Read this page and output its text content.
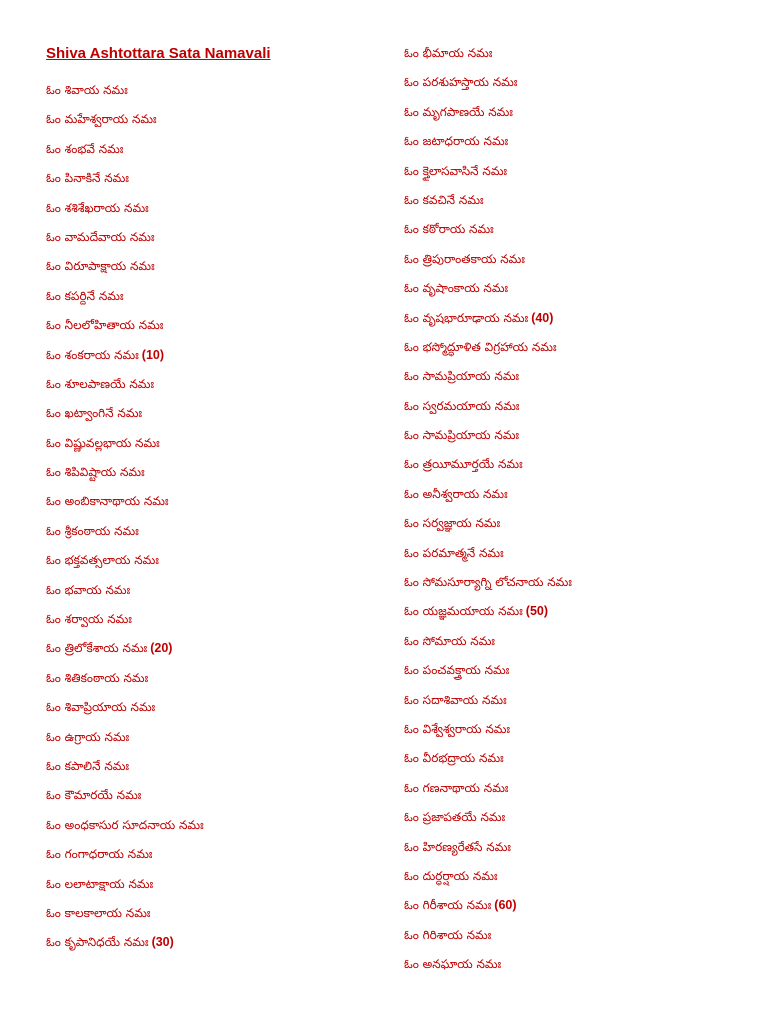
Shiva Ashtottara Sata Namavali
ఓం శివాయ నమః
ఓం మహేశ్వరాయ నమః
ఓం శంభవే నమః
ఓం పినాకినే నమః
ఓం శశిశేఖరాయ నమః
ఓం వామదేవాయ నమః
ఓం విరూపాక్షాయ నమః
ఓం కపర్దినే నమః
ఓం నీలలోహితాయ నమః
ఓం శంకరాయ నమః (10)
ఓం శూలపాణయే నమః
ఓం ఖట్వాంగినే నమః
ఓం విష్ణువల్లభాయ నమః
ఓం శిపివిష్టాయ నమః
ఓం అంబికానాథాయ నమః
ఓం శ్రీకంఠాయ నమః
ఓం భక్తవత్సలాయ నమః
ఓం భవాయ నమః
ఓం శర్వాయ నమః
ఓం త్రిలోకేశాయ నమః (20)
ఓం శితికంఠాయ నమః
ఓం శివాప్రియాయ నమః
ఓం ఉగ్రాయ నమః
ఓం కపాలినే నమః
ఓం కౌమారయే నమః
ఓం అంధకాసుర సూదనాయ నమః
ఓం గంగాధరాయ నమః
ఓం లలాటాక్షాయ నమః
ఓం కాలకాలాయ నమః
ఓం కృపానిధయే నమః (30)
ఓం భీమాయ నమః
ఓం పరశుహస్తాయ నమః
ఓం మృగపాణయే నమః
ఓం జటాధరాయ నమః
ఓం క్తైలాసవాసినే నమః
ఓం కవచినే నమః
ఓం కఠోరాయ నమః
ఓం త్రిపురాంతకాయ నమః
ఓం వృషాంకాయ నమః
ఓం వృషభారూఢాయ నమః (40)
ఓం భస్మోద్ధూళిత విగ్రహాయ నమః
ఓం సామప్రియాయ నమః
ఓం స్వరమయాయ నమః
ఓం సామప్రియాయ నమః
ఓం త్రయీమూర్తయే నమః
ఓం అనీశ్వరాయ నమః
ఓం సర్వజ్ఞాయ నమః
ఓం పరమాత్మనే నమః
ఓం సోమసూర్యాగ్ని లోచనాయ నమః
ఓం యజ్ఞమయాయ నమః (50)
ఓం సోమాయ నమః
ఓం పంచవక్త్రాయ నమః
ఓం సదాశివాయ నమః
ఓం విశ్వేశ్వరాయ నమః
ఓం వీరభద్రాయ నమః
ఓం గణనాథాయ నమః
ఓం ప్రజాపతయే నమః
ఓం హిరణ్యరేతసే నమః
ఓం దుర్ధర్షాయ నమః
ఓం గిరీశాయ నమః (60)
ఓం గిరిశాయ నమః
ఓం అనఘాయ నమః
